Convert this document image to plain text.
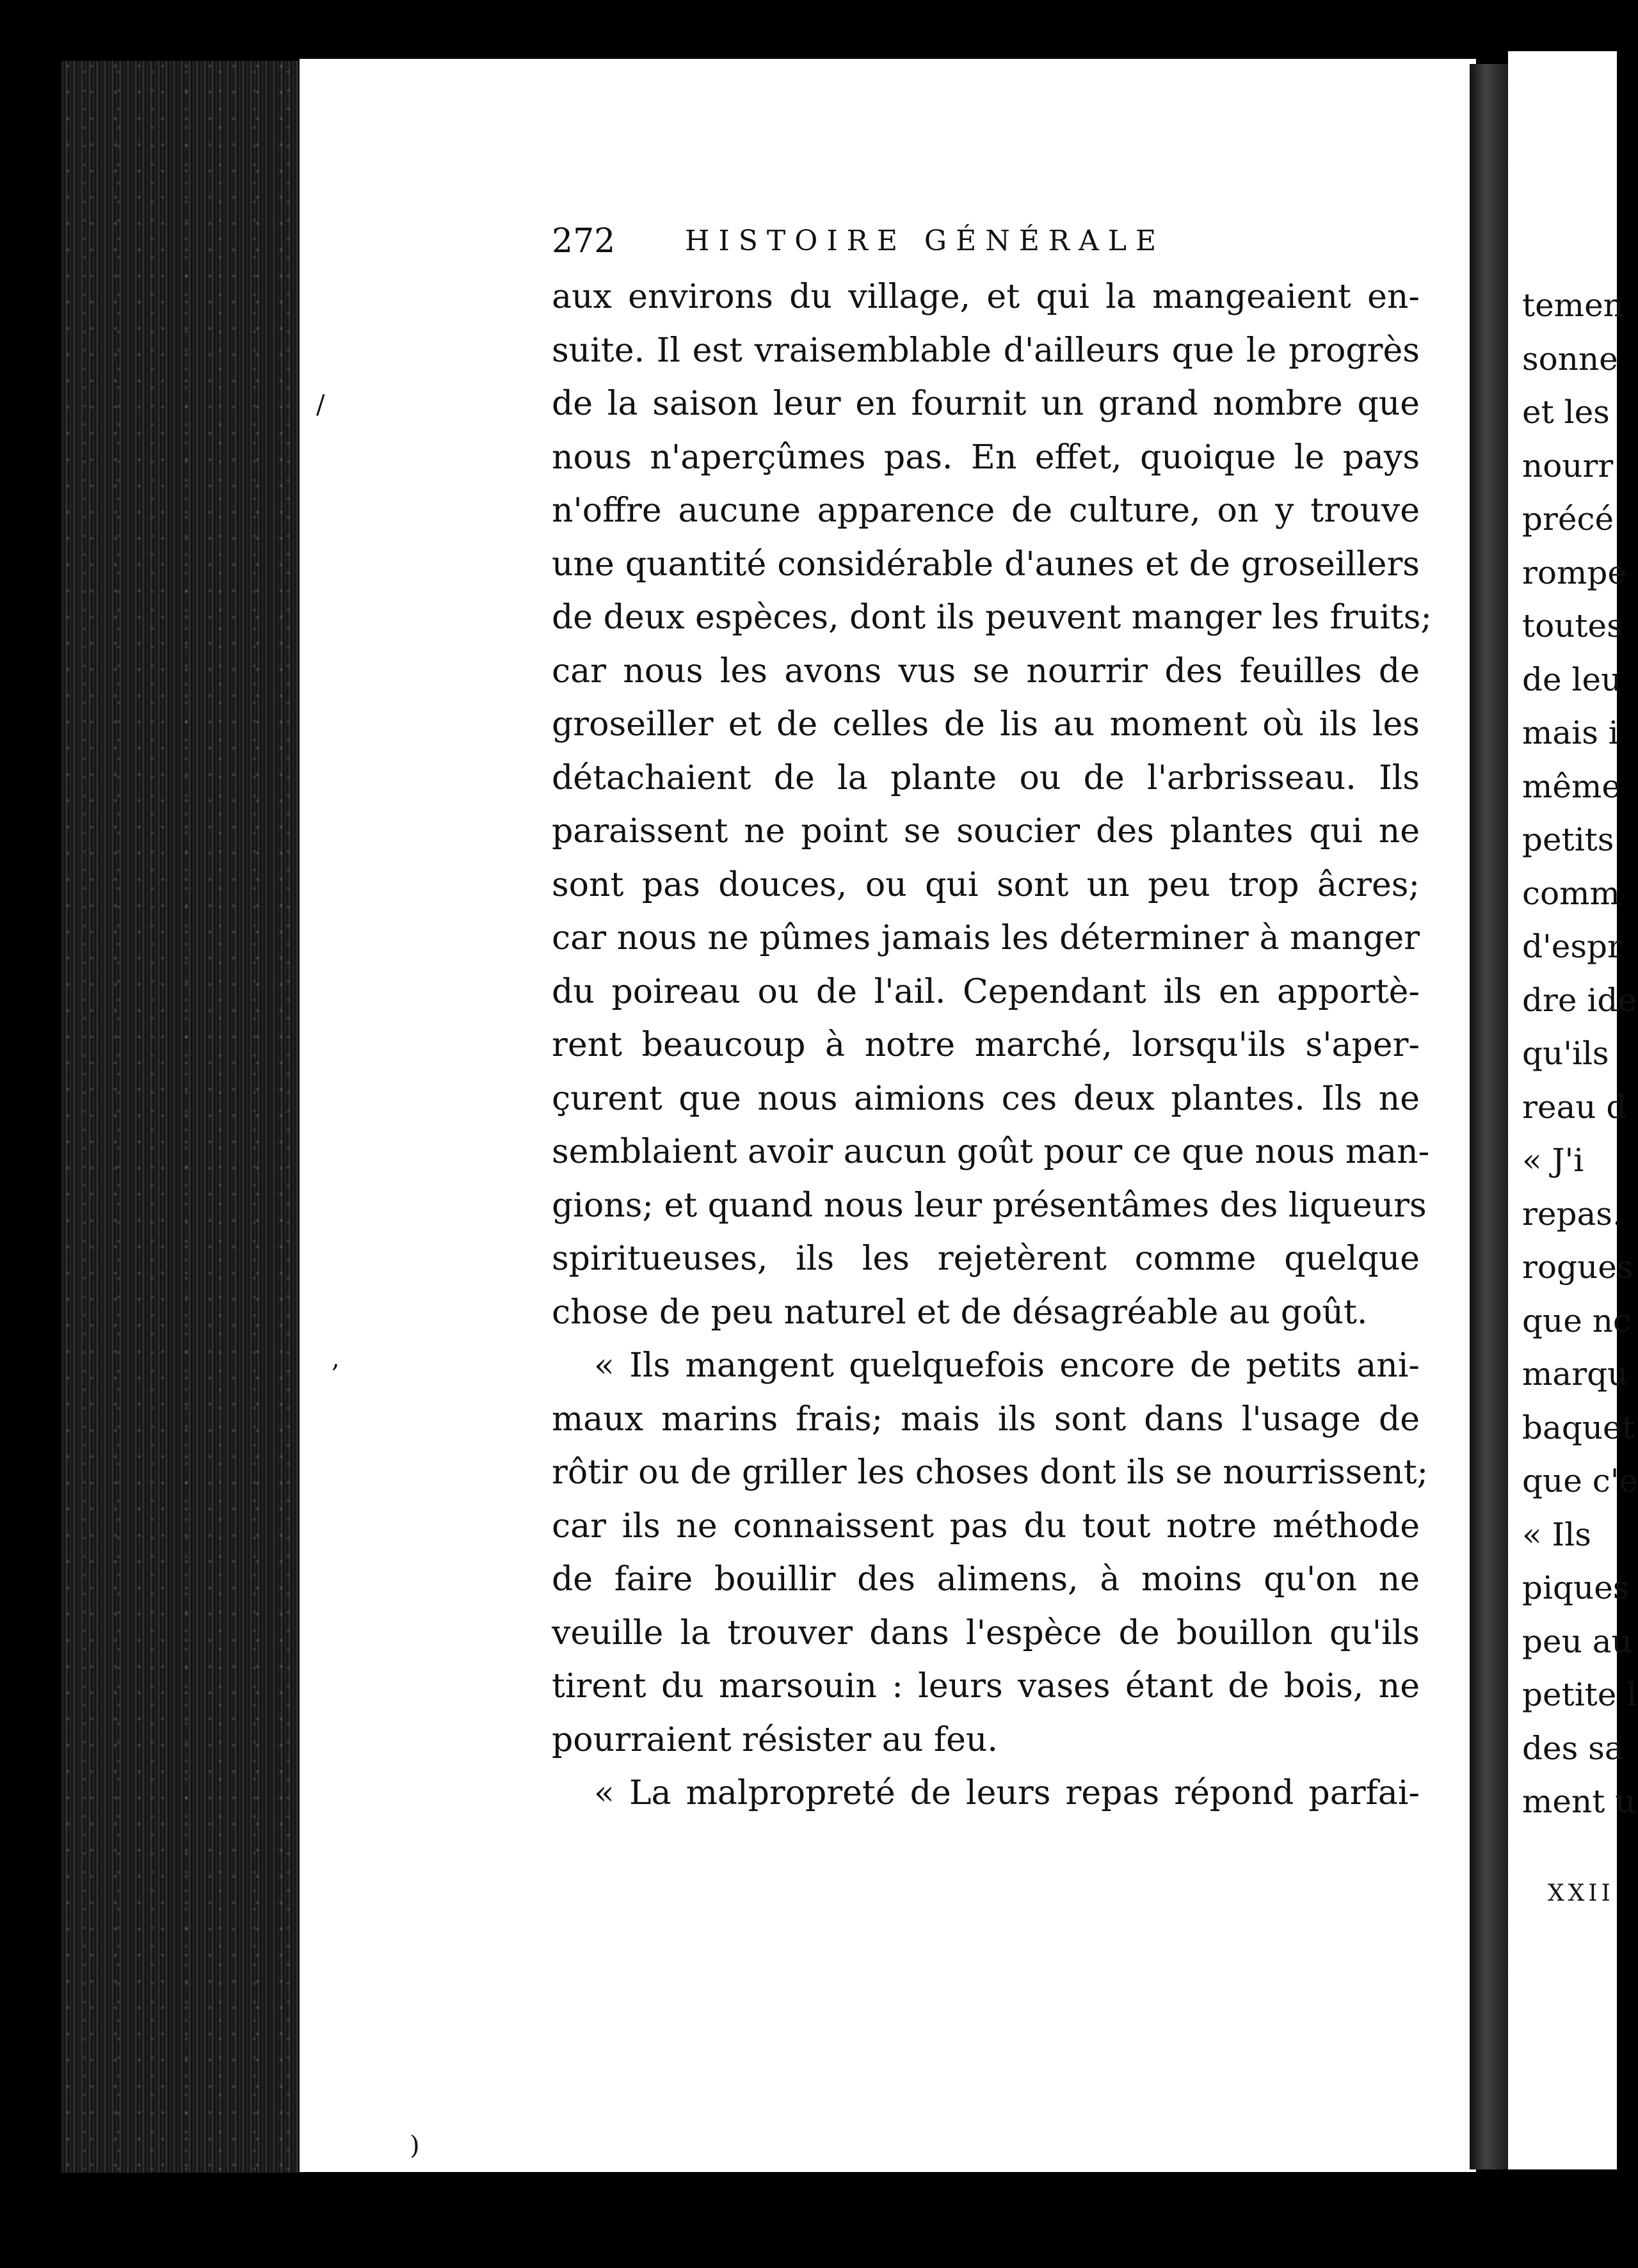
temen
sonne
et les
nourr
précé
rompe
toutes
de leu
mais i
même
petits
comm
d'espr
dre ide
qu'ils
reau d
« J'i
repas.
rogues
que nc
marqu
baquet
que c'e
« Ils
piques
peu au
petite l
des sa
ment u
XXII
272 HISTOIRE GÉNÉRALE
aux environs du village, et qui la mangeaient en-
suite. Il est vraisemblable d'ailleurs que le progrès
de la saison leur en fournit un grand nombre que
nous n'aperçûmes pas. En effet, quoique le pays
n'offre aucune apparence de culture, on y trouve
une quantité considérable d'aunes et de groseillers
de deux espèces, dont ils peuvent manger les fruits;
car nous les avons vus se nourrir des feuilles de
groseiller et de celles de lis au moment où ils les
détachaient de la plante ou de l'arbrisseau. Ils
paraissent ne point se soucier des plantes qui ne
sont pas douces, ou qui sont un peu trop âcres;
car nous ne pûmes jamais les déterminer à manger
du poireau ou de l'ail. Cependant ils en apportè-
rent beaucoup à notre marché, lorsqu'ils s'aper-
çurent que nous aimions ces deux plantes. Ils ne
semblaient avoir aucun goût pour ce que nous man-
gions; et quand nous leur présentâmes des liqueurs
spiritueuses, ils les rejetèrent comme quelque
chose de peu naturel et de désagréable au goût.
« Ils mangent quelquefois encore de petits ani-
maux marins frais; mais ils sont dans l'usage de
rôtir ou de griller les choses dont ils se nourrissent;
car ils ne connaissent pas du tout notre méthode
de faire bouillir des alimens, à moins qu'on ne
veuille la trouver dans l'espèce de bouillon qu'ils
tirent du marsouin : leurs vases étant de bois, ne
pourraient résister au feu.
« La malpropreté de leurs repas répond parfai-
/
,
)
